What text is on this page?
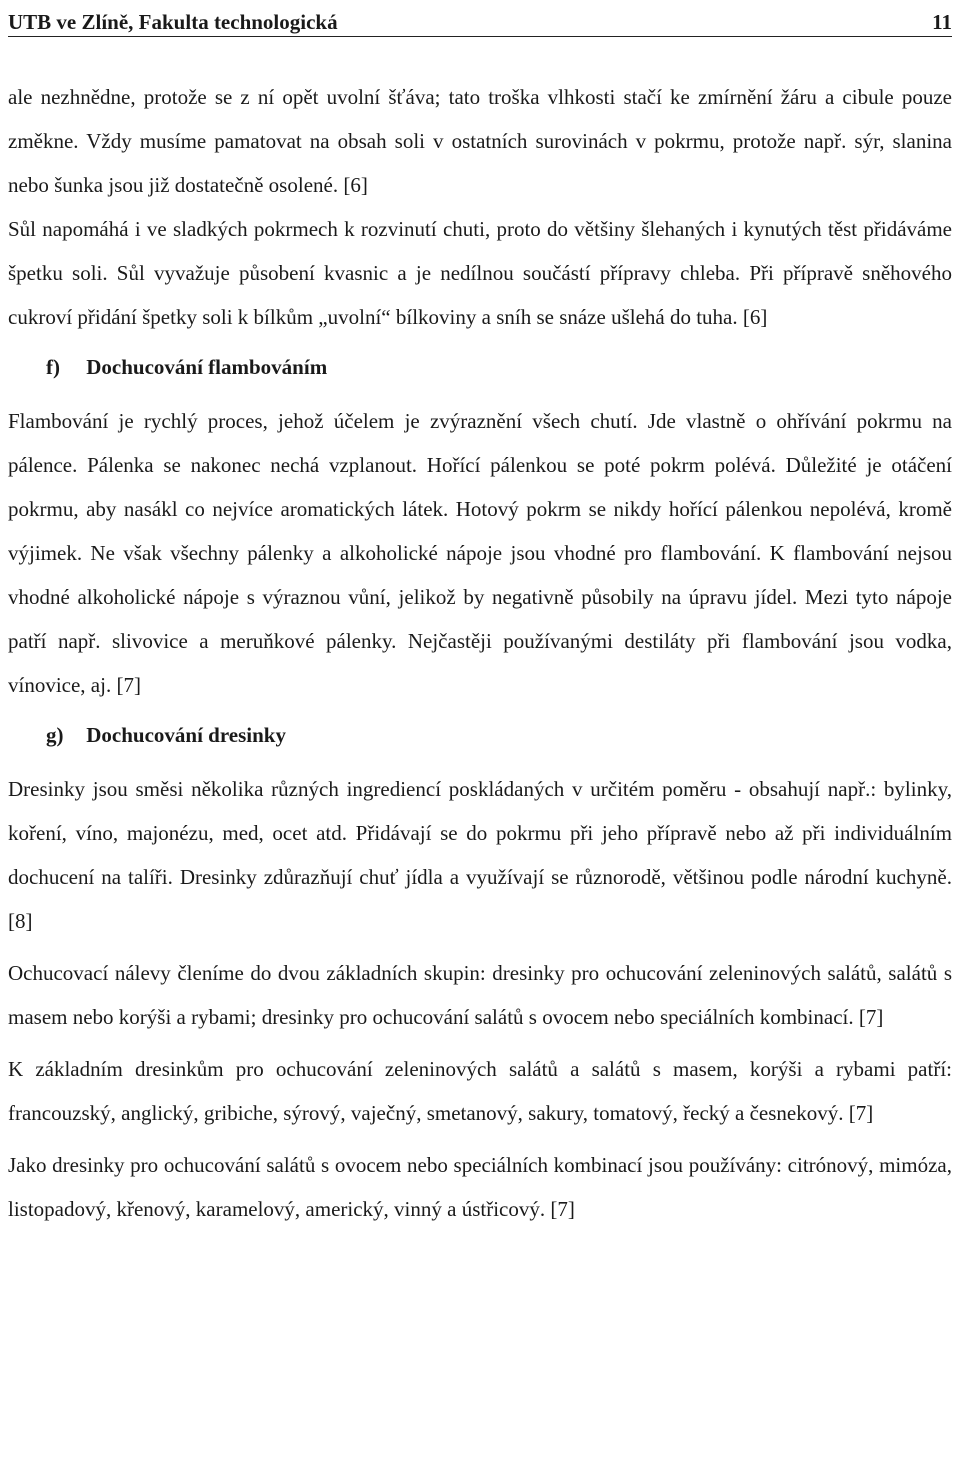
UTB ve Zlíně, Fakulta technologická	11

ale nezhnědne, protože se z ní opět uvolní šťáva; tato troška vlhkosti stačí ke zmírnění žáru a cibule pouze změkne. Vždy musíme pamatovat na obsah soli v ostatních surovinách v pokrmu, protože např. sýr, slanina nebo šunka jsou již dostatečně osolené. [6]

Sůl napomáhá i ve sladkých pokrmech k rozvinutí chuti, proto do většiny šlehaných i kynutých těst přidáváme špetku soli. Sůl vyvažuje působení kvasnic a je nedílnou součástí přípravy chleba. Při přípravě sněhového cukroví přidání špetky soli k bílkům „uvolní“ bílkoviny a sníh se snáze ušlehá do tuha. [6]

f) Dochucování flambováním

Flambování je rychlý proces, jehož účelem je zvýraznění všech chutí. Jde vlastně o ohřívání pokrmu na pálence. Pálenka se nakonec nechá vzplanout. Hořící pálenkou se poté pokrm polévá. Důležité je otáčení pokrmu, aby nasákl co nejvíce aromatických látek. Hotový pokrm se nikdy hořící pálenkou nepolévá, kromě výjimek. Ne však všechny pálenky a alkoholické nápoje jsou vhodné pro flambování. K flambování nejsou vhodné alkoholické nápoje s výraznou vůní, jelikož by negativně působily na úpravu jídel. Mezi tyto nápoje patří např. slivovice a meruňkové pálenky. Nejčastěji používanými destiláty při flambování jsou vodka, vínovice, aj. [7]

g) Dochucování dresinky

Dresinky jsou směsi několika různých ingrediencí poskládaných v určitém poměru - obsahují např.: bylinky, koření, víno, majonézu, med, ocet atd. Přidávají se do pokrmu při jeho přípravě nebo až při individuálním dochucení na talíři. Dresinky zdůrazňují chuť jídla a využívají se různorodě, většinou podle národní kuchyně. [8]

Ochucovací nálevy členíme do dvou základních skupin: dresinky pro ochucování zeleninových salátů, salátů s masem nebo korýši a rybami; dresinky pro ochucování salátů s ovocem nebo speciálních kombinací. [7]

K základním dresinkům pro ochucování zeleninových salátů a salátů s masem, korýši a rybami patří: francouzský, anglický, gribiche, sýrový, vaječný, smetanový, sakury, tomatový, řecký a česnekový. [7]

Jako dresinky pro ochucování salátů s ovocem nebo speciálních kombinací jsou používány: citrónový, mimóza, listopadový, křenový, karamelový, americký, vinný a ústřicový. [7]
